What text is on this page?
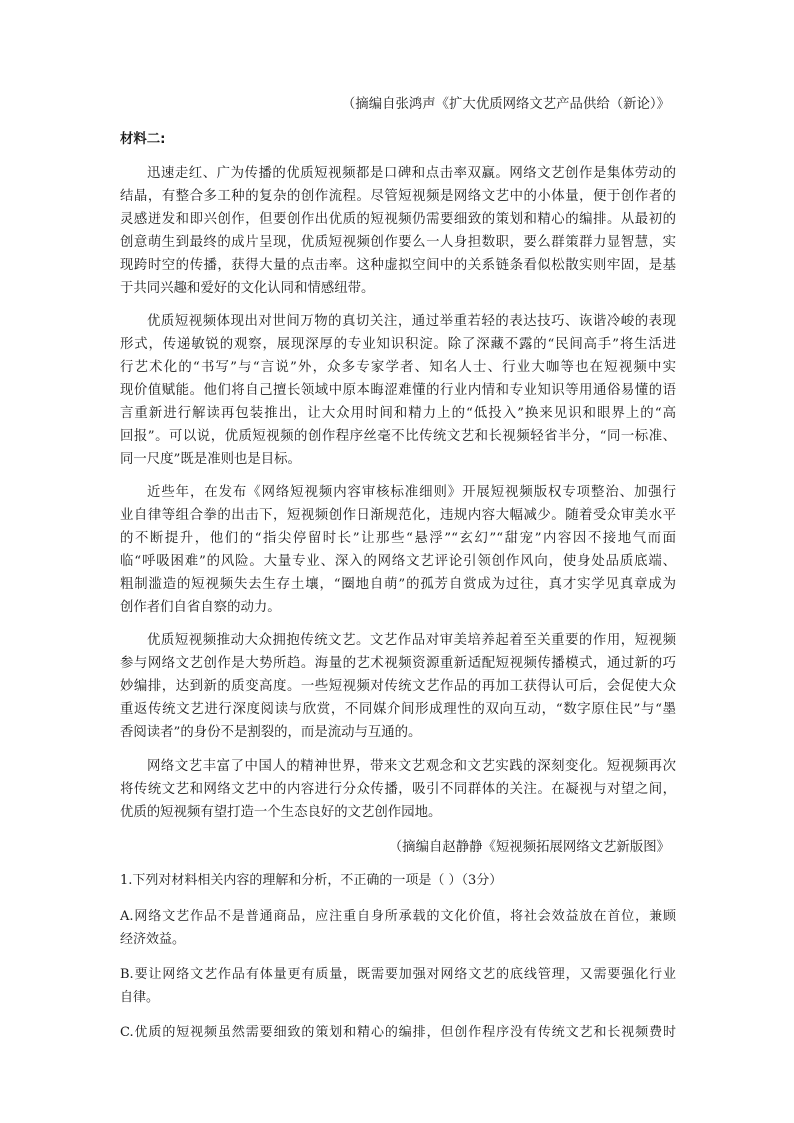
（摘编自张鸿声《扩大优质网络文艺产品供给（新论）》
材料二:
迅速走红、广为传播的优质短视频都是口碑和点击率双赢。网络文艺创作是集体劳动的
结晶，有整合多工种的复杂的创作流程。尽管短视频是网络文艺中的小体量，便于创作者的
灵感迸发和即兴创作，但要创作出优质的短视频仍需要细致的策划和精心的编排。从最初的
创意萌生到最终的成片呈现，优质短视频创作要么一人身担数职，要么群策群力显智慧，实
现跨时空的传播，获得大量的点击率。这种虚拟空间中的关系链条看似松散实则牢固，是基
于共同兴趣和爱好的文化认同和情感纽带。
优质短视频体现出对世间万物的真切关注，通过举重若轻的表达技巧、诙谐冷峻的表现
形式，传递敏锐的观察，展现深厚的专业知识积淀。除了深藏不露的“民间高手”将生活进
行艺术化的“书写”与“言说”外，众多专家学者、知名人士、行业大咖等也在短视频中实
现价值赋能。他们将自己擅长领域中原本晦涩难懂的行业内情和专业知识等用通俗易懂的语
言重新进行解读再包装推出，让大众用时间和精力上的“低投入”换来见识和眼界上的“高
回报”。可以说，优质短视频的创作程序丝毫不比传统文艺和长视频轻省半分，“同一标准、
同一尺度”既是准则也是目标。
近些年，在发布《网络短视频内容审核标准细则》开展短视频版权专项整治、加强行
业自律等组合拳的出击下，短视频创作日渐规范化，违规内容大幅减少。随着受众审美水平
的不断提升，他们的“指尖停留时长”让那些“悬浮”“玄幻”“甜宠”内容因不接地气而面
临“呼吸困难”的风险。大量专业、深入的网络文艺评论引领创作风向，使身处品质底端、
粗制滥造的短视频失去生存土壤，“圈地自萌”的孤芳自赏成为过往，真才实学见真章成为
创作者们自省自察的动力。
优质短视频推动大众拥抱传统文艺。文艺作品对审美培养起着至关重要的作用，短视频
参与网络文艺创作是大势所趋。海量的艺术视频资源重新适配短视频传播模式，通过新的巧
妙编排，达到新的质变高度。一些短视频对传统文艺作品的再加工获得认可后，会促使大众
重返传统文艺进行深度阅读与欣赏，不同媒介间形成理性的双向互动，“数字原住民”与“墨
香阅读者”的身份不是割裂的，而是流动与互通的。
网络文艺丰富了中国人的精神世界，带来文艺观念和文艺实践的深刻变化。短视频再次
将传统文艺和网络文艺中的内容进行分众传播，吸引不同群体的关注。在凝视与对望之间，
优质的短视频有望打造一个生态良好的文艺创作园地。
（摘编自赵静静《短视频拓展网络文艺新版图》
1.下列对材料相关内容的理解和分析，不正确的一项是（ ）（3分）
A.网络文艺作品不是普通商品，应注重自身所承载的文化价值，将社会效益放在首位，兼顾
经济效益。
B.要让网络文艺作品有体量更有质量，既需要加强对网络文艺的底线管理，又需要强化行业
自律。
C.优质的短视频虽然需要细致的策划和精心的编排，但创作程序没有传统文艺和长视频费时
